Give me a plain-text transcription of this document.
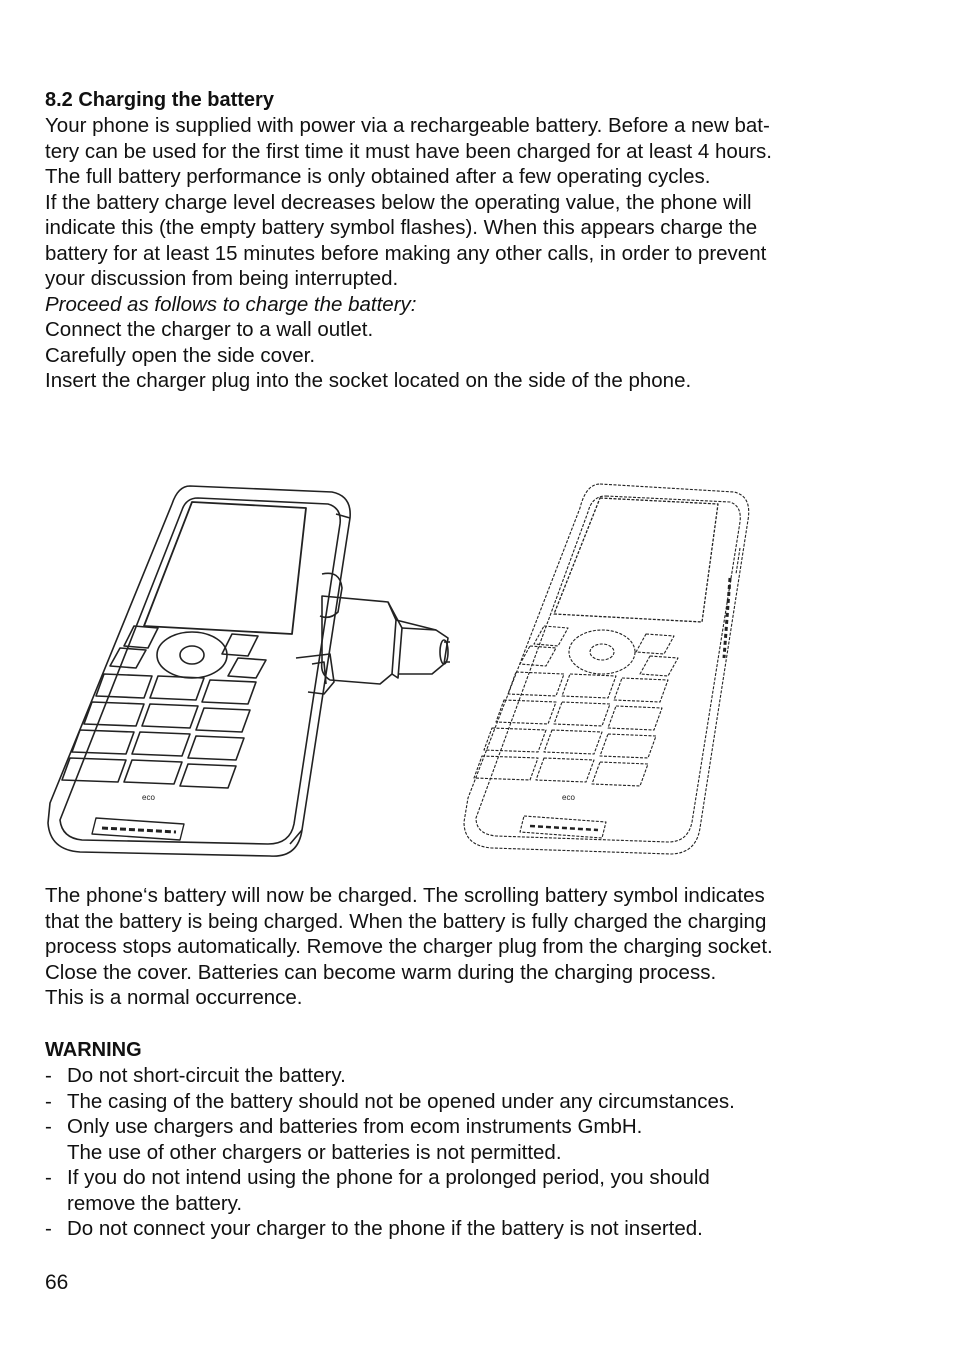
8.2 Charging the battery

Your phone is supplied with power via a rechargeable battery. Before a new bat-

tery can be used for the first time it must have been charged for at least 4 hours.

The full battery performance is only obtained after a few operating cycles.

If the battery charge level decreases below the operating value, the phone will

indicate this (the empty battery symbol flashes). When this appears charge the

battery for at least 15 minutes before making any other calls, in order to prevent

your discussion from being interrupted.

Proceed as follows to charge the battery:

Connect the charger to a wall outlet.

Carefully open the side cover.

Insert the charger plug into the socket located on the side of the phone.

eco	eco

The phone‘s battery will now be charged. The scrolling battery symbol indicates

that the battery is being charged. When the battery is fully charged the charging

process stops automatically. Remove the charger plug from the charging socket.

Close the cover. Batteries can become warm during the charging process.

This is a normal occurrence.

WARNING

- Do not short-circuit the battery.
- The casing of the battery should not be opened under any circumstances.
- Only use chargers and batteries from ecom instruments GmbH.
The use of other chargers or batteries is not permitted.
- If you do not intend using the phone for a prolonged period, you should
remove the battery.
- Do not connect your charger to the phone if the battery is not inserted.
66
